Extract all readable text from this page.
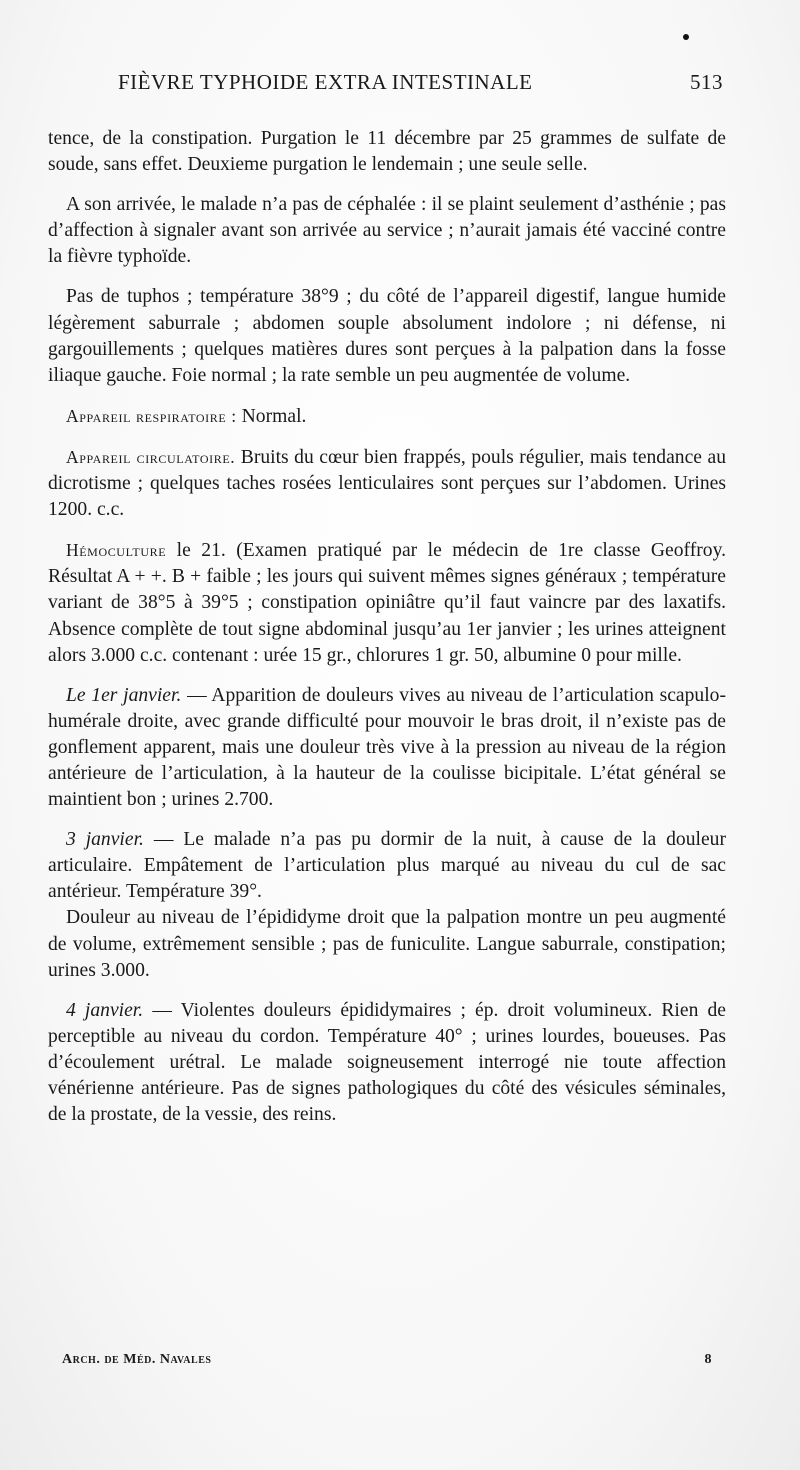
FIÈVRE TYPHOIDE EXTRA INTESTINALE	513

tence, de la constipation. Purgation le 11 décembre par 25 grammes de sulfate de soude, sans effet. Deuxieme purgation le lendemain ; une seule selle.

A son arrivée, le malade n’a pas de céphalée : il se plaint seulement d’asthénie ; pas d’affection à signaler avant son arrivée au service ; n’aurait jamais été vacciné contre la fièvre typhoïde.

Pas de tuphos ; température 38°9 ; du côté de l’appareil digestif, langue humide légèrement saburrale ; abdomen souple absolument indolore ; ni défense, ni gargouillements ; quelques matières dures sont perçues à la palpation dans la fosse iliaque gauche. Foie normal ; la rate semble un peu augmentée de volume.

Appareil respiratoire : Normal.

Appareil circulatoire. Bruits du cœur bien frappés, pouls régulier, mais tendance au dicrotisme ; quelques taches rosées lenticulaires sont perçues sur l’abdomen. Urines 1200. c.c.

Hémoculture le 21. (Examen pratiqué par le médecin de 1re classe Geoffroy. Résultat A + +. B + faible ; les jours qui suivent mêmes signes généraux ; température variant de 38°5 à 39°5 ; constipation opiniâtre qu’il faut vaincre par des laxatifs. Absence complète de tout signe abdominal jusqu’au 1er janvier ; les urines atteignent alors 3.000 c.c. contenant : urée 15 gr., chlorures 1 gr. 50, albumine 0 pour mille.

Le 1er janvier. — Apparition de douleurs vives au niveau de l’articulation scapulo-humérale droite, avec grande difficulté pour mouvoir le bras droit, il n’existe pas de gonflement apparent, mais une douleur très vive à la pression au niveau de la région antérieure de l’articulation, à la hauteur de la coulisse bicipitale. L’état général se maintient bon ; urines 2.700.

3 janvier. — Le malade n’a pas pu dormir de la nuit, à cause de la douleur articulaire. Empâtement de l’articulation plus marqué au niveau du cul de sac antérieur. Température 39°.

Douleur au niveau de l’épididyme droit que la palpation montre un peu augmenté de volume, extrêmement sensible ; pas de funiculite. Langue saburrale, constipation; urines 3.000.

4 janvier. — Violentes douleurs épididymaires ; ép. droit volumineux. Rien de perceptible au niveau du cordon. Température 40° ; urines lourdes, boueuses. Pas d’écoulement urétral. Le malade soigneusement interrogé nie toute affection vénérienne antérieure. Pas de signes pathologiques du côté des vésicules séminales, de la prostate, de la vessie, des reins.

Arch. de Méd. Navales	8
